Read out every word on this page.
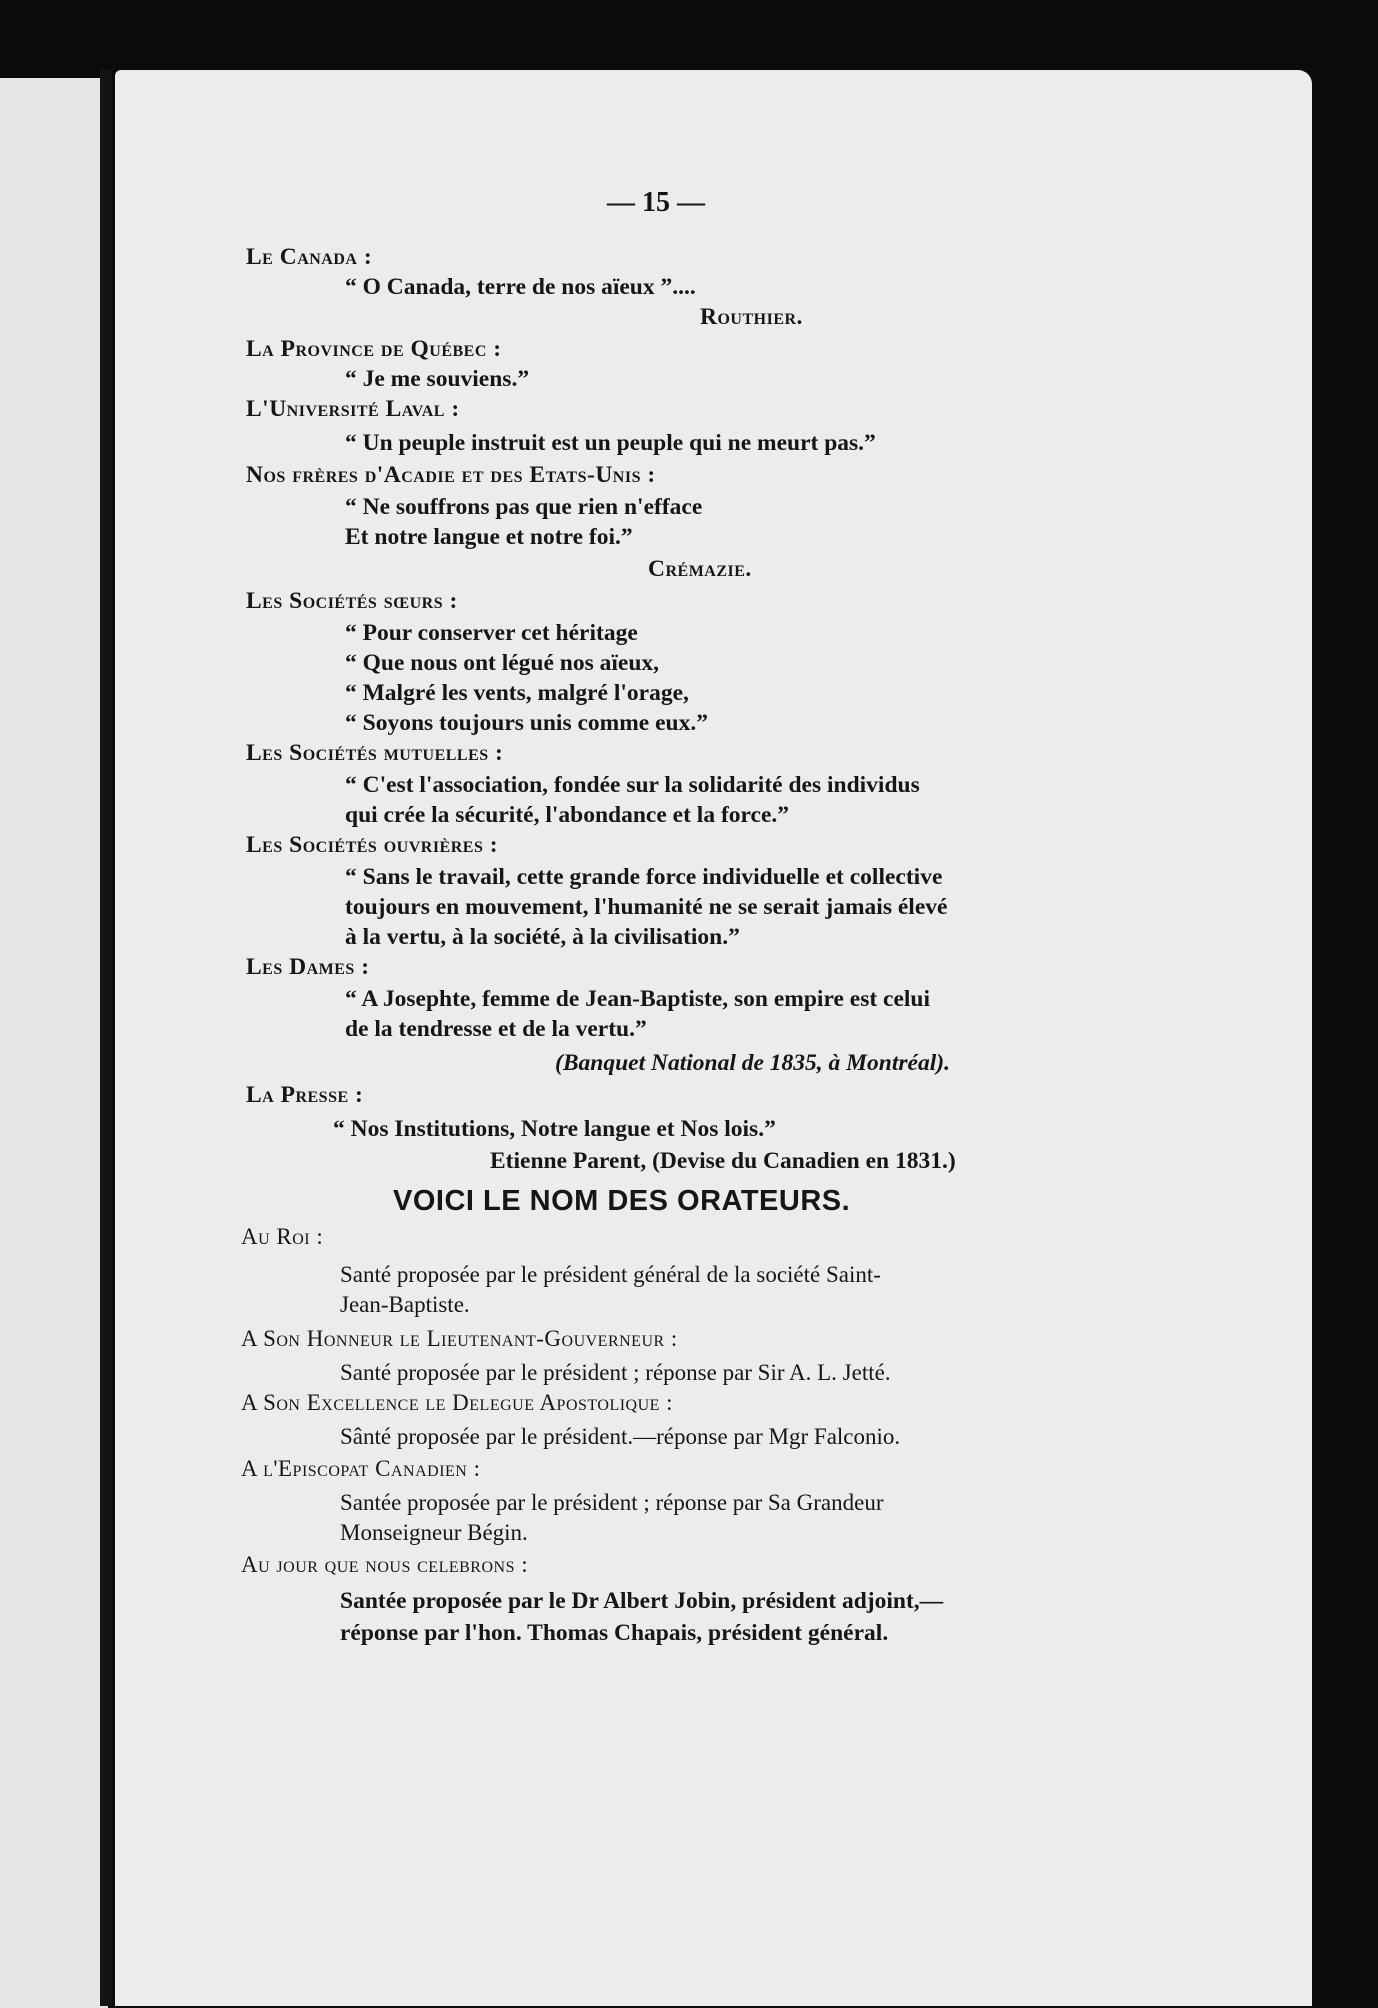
— 15 —
Le Canada :
“ O Canada, terre de nos aïeux ”....
Routhier.
La Province de Québec :
“ Je me souviens.”
L'Université Laval :
“ Un peuple instruit est un peuple qui ne meurt pas.”
Nos frères d'Acadie et des Etats-Unis :
“ Ne souffrons pas que rien n'efface
Et notre langue et notre foi.”
Crémazie.
Les Sociétés sœurs :
“ Pour conserver cet héritage
“ Que nous ont légué nos aïeux,
“ Malgré les vents, malgré l'orage,
“ Soyons toujours unis comme eux.”
Les Sociétés mutuelles :
“ C'est l'association, fondée sur la solidarité des individus
qui crée la sécurité, l'abondance et la force.”
Les Sociétés ouvrières :
“ Sans le travail, cette grande force individuelle et collective
toujours en mouvement, l'humanité ne se serait jamais élevé
à la vertu, à la société, à la civilisation.”
Les Dames :
“ A Josephte, femme de Jean-Baptiste, son empire est celui
de la tendresse et de la vertu.”
(Banquet National de 1835, à Montréal).
La Presse :
“ Nos Institutions, Notre langue et Nos lois.”
Etienne Parent, (Devise du Canadien en 1831.)
VOICI LE NOM DES ORATEURS.
Au Roi :
Santé proposée par le président général de la société Saint-
Jean-Baptiste.
A Son Honneur le Lieutenant-Gouverneur :
Santé proposée par le président ; réponse par Sir A. L. Jetté.
A Son Excellence le Delegue Apostolique :
Sânté proposée par le président.—réponse par Mgr Falconio.
A l'Episcopat Canadien :
Santée proposée par le président ; réponse par Sa Grandeur
Monseigneur Bégin.
Au jour que nous celebrons :
Santée proposée par le Dr Albert Jobin, président adjoint,—
réponse par l'hon. Thomas Chapais, président général.
